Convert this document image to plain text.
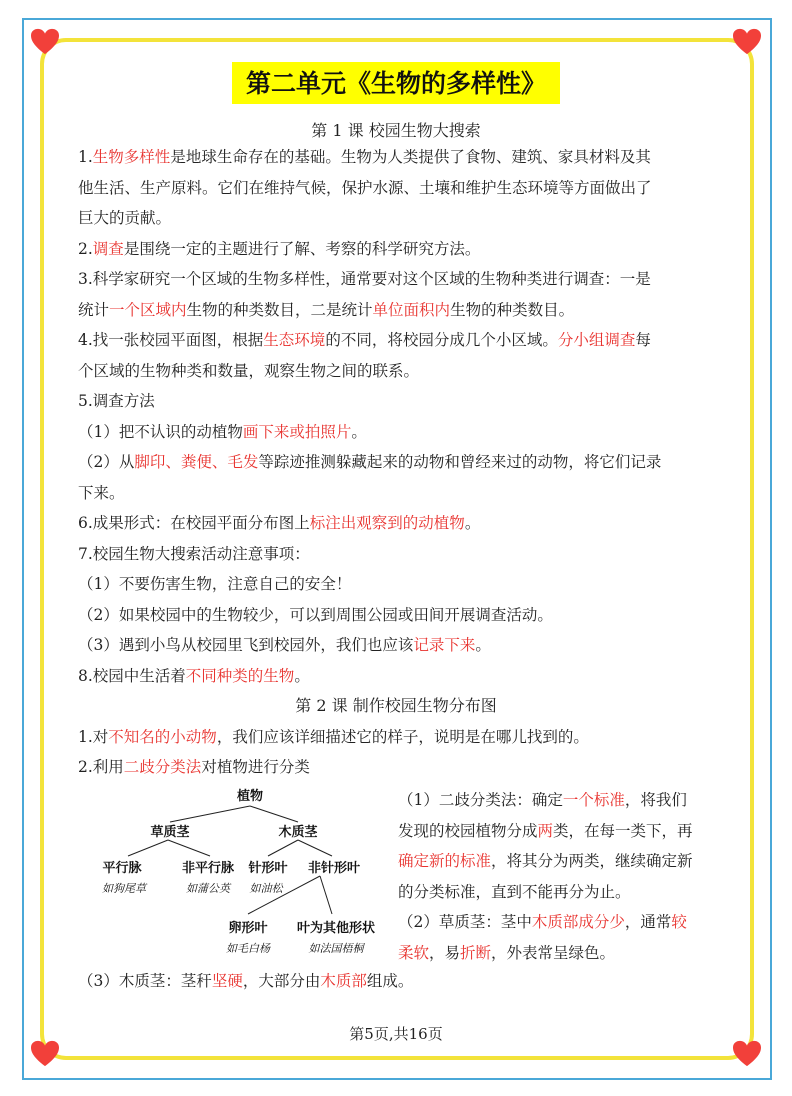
第二单元《生物的多样性》
第 1 课 校园生物大搜索
1.生物多样性是地球生命存在的基础。生物为人类提供了食物、建筑、家具材料及其
他生活、生产原料。它们在维持气候，保护水源、土壤和维护生态环境等方面做出了
巨大的贡献。
2.调查是围绕一定的主题进行了解、考察的科学研究方法。
3.科学家研究一个区域的生物多样性，通常要对这个区域的生物种类进行调查：一是
统计一个区域内生物的种类数目，二是统计单位面积内生物的种类数目。
4.找一张校园平面图，根据生态环境的不同，将校园分成几个小区域。分小组调查每
个区域的生物种类和数量，观察生物之间的联系。
5.调查方法
（1）把不认识的动植物画下来或拍照片。
（2）从脚印、粪便、毛发等踪迹推测躲藏起来的动物和曾经来过的动物，将它们记录
下来。
6.成果形式：在校园平面分布图上标注出观察到的动植物。
7.校园生物大搜索活动注意事项：
（1）不要伤害生物，注意自己的安全！
（2）如果校园中的生物较少，可以到周围公园或田间开展调查活动。
（3）遇到小鸟从校园里飞到校园外，我们也应该记录下来。
8.校园中生活着不同种类的生物。
第 2 课 制作校园生物分布图
1.对不知名的小动物，我们应该详细描述它的样子，说明是在哪儿找到的。
2.利用二歧分类法对植物进行分类
植物
草质茎	木质茎
平行脉	非平行脉 针形叶 非针形叶
卵形叶 叶为其他形状
如狗尾草	如蒲公英 如油松
如毛白杨	如法国梧桐
（1）二歧分类法：确定一个标准，将我们
发现的校园植物分成两类，在每一类下，再
确定新的标准，将其分为两类，继续确定新
的分类标准，直到不能再分为止。
（2）草质茎：茎中木质部成分少，通常较
柔软，易折断，外表常呈绿色。
（3）木质茎：茎秆坚硬，大部分由木质部组成。
第5页,共16页
